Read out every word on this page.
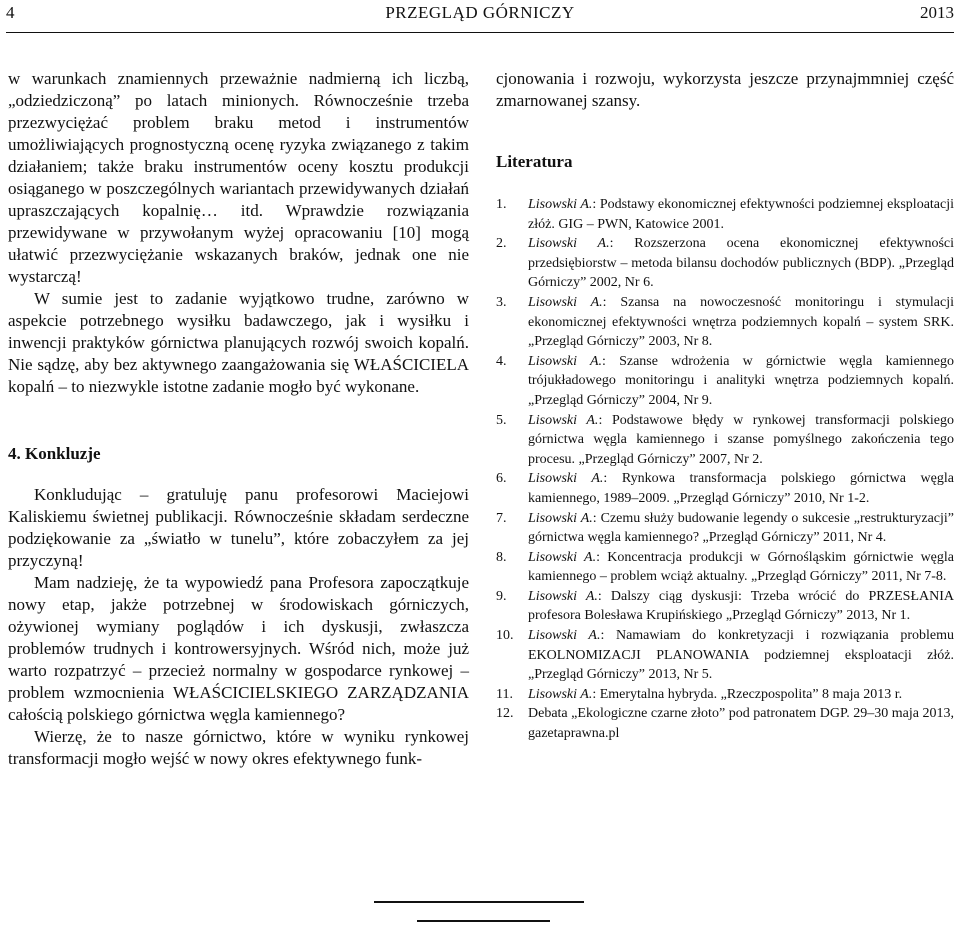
4	PRZEGLĄD GÓRNICZY	2013

w warunkach znamiennych przeważnie nadmierną ich liczbą, „odziedziczoną” po latach minionych. Równocześnie trzeba przezwyciężać problem braku metod i instrumentów umożliwiających prognostyczną ocenę ryzyka związanego z takim działaniem; także braku instrumentów oceny kosztu produkcji osiąganego w poszczególnych wariantach przewidywanych działań upraszczających kopalnię… itd. Wprawdzie rozwiązania przewidywane w przywołanym wyżej opracowaniu [10] mogą ułatwić przezwyciężanie wskazanych braków, jednak one nie wystarczą!

W sumie jest to zadanie wyjątkowo trudne, zarówno w aspekcie potrzebnego wysiłku badawczego, jak i wysiłku i inwencji praktyków górnictwa planujących rozwój swoich kopalń. Nie sądzę, aby bez aktywnego zaangażowania się WŁAŚCICIELA kopalń – to niezwykle istotne zadanie mogło być wykonane.

4. Konkluzje

Konkludując – gratuluję panu profesorowi Maciejowi Kaliskiemu świetnej publikacji. Równocześnie składam serdeczne podziękowanie za „światło w tunelu”, które zobaczyłem za jej przyczyną!

Mam nadzieję, że ta wypowiedź pana Profesora zapoczątkuje nowy etap, jakże potrzebnej w środowiskach górniczych, ożywionej wymiany poglądów i ich dyskusji, zwłaszcza problemów trudnych i kontrowersyjnych. Wśród nich, może już warto rozpatrzyć – przecież normalny w gospodarce rynkowej – problem wzmocnienia WŁAŚCICIELSKIEGO ZARZĄDZANIA całością polskiego górnictwa węgla kamiennego?

Wierzę, że to nasze górnictwo, które w wyniku rynkowej transformacji mogło wejść w nowy okres efektywnego funk-

cjonowania i rozwoju, wykorzysta jeszcze przynajmmniej część zmarnowanej szansy.

Literatura
1. Lisowski A.: Podstawy ekonomicznej efektywności podziemnej eksploatacji złóż. GIG – PWN, Katowice 2001.
2. Lisowski A.: Rozszerzona ocena ekonomicznej efektywności przedsiębiorstw – metoda bilansu dochodów publicznych (BDP). „Przegląd Górniczy” 2002, Nr 6.
3. Lisowski A.: Szansa na nowoczesność monitoringu i stymulacji ekonomicznej efektywności wnętrza podziemnych kopalń – system SRK. „Przegląd Górniczy” 2003, Nr 8.
4. Lisowski A.: Szanse wdrożenia w górnictwie węgla kamiennego trójukładowego monitoringu i analityki wnętrza podziemnych kopalń. „Przegląd Górniczy” 2004, Nr 9.
5. Lisowski A.: Podstawowe błędy w rynkowej transformacji polskiego górnictwa węgla kamiennego i szanse pomyślnego zakończenia tego procesu. „Przegląd Górniczy” 2007, Nr 2.
6. Lisowski A.: Rynkowa transformacja polskiego górnictwa węgla kamiennego, 1989–2009. „Przegląd Górniczy” 2010, Nr 1-2.
7. Lisowski A.: Czemu służy budowanie legendy o sukcesie „restrukturyzacji” górnictwa węgla kamiennego? „Przegląd Górniczy” 2011, Nr 4.
8. Lisowski A.: Koncentracja produkcji w Górnośląskim górnictwie węgla kamiennego – problem wciąż aktualny. „Przegląd Górniczy” 2011, Nr 7-8.
9. Lisowski A.: Dalszy ciąg dyskusji: Trzeba wrócić do PRZESŁANIA profesora Bolesława Krupińskiego „Przegląd Górniczy” 2013, Nr 1.
10. Lisowski A.: Namawiam do konkretyzacji i rozwiązania problemu EKOLNOMIZACJI PLANOWANIA podziemnej eksploatacji złóż. „Przegląd Górniczy” 2013, Nr 5.
11. Lisowski A.: Emerytalna hybryda. „Rzeczpospolita” 8 maja 2013 r.
12. Debata „Ekologiczne czarne złoto” pod patronatem DGP. 29–30 maja 2013, gazetaprawna.pl
